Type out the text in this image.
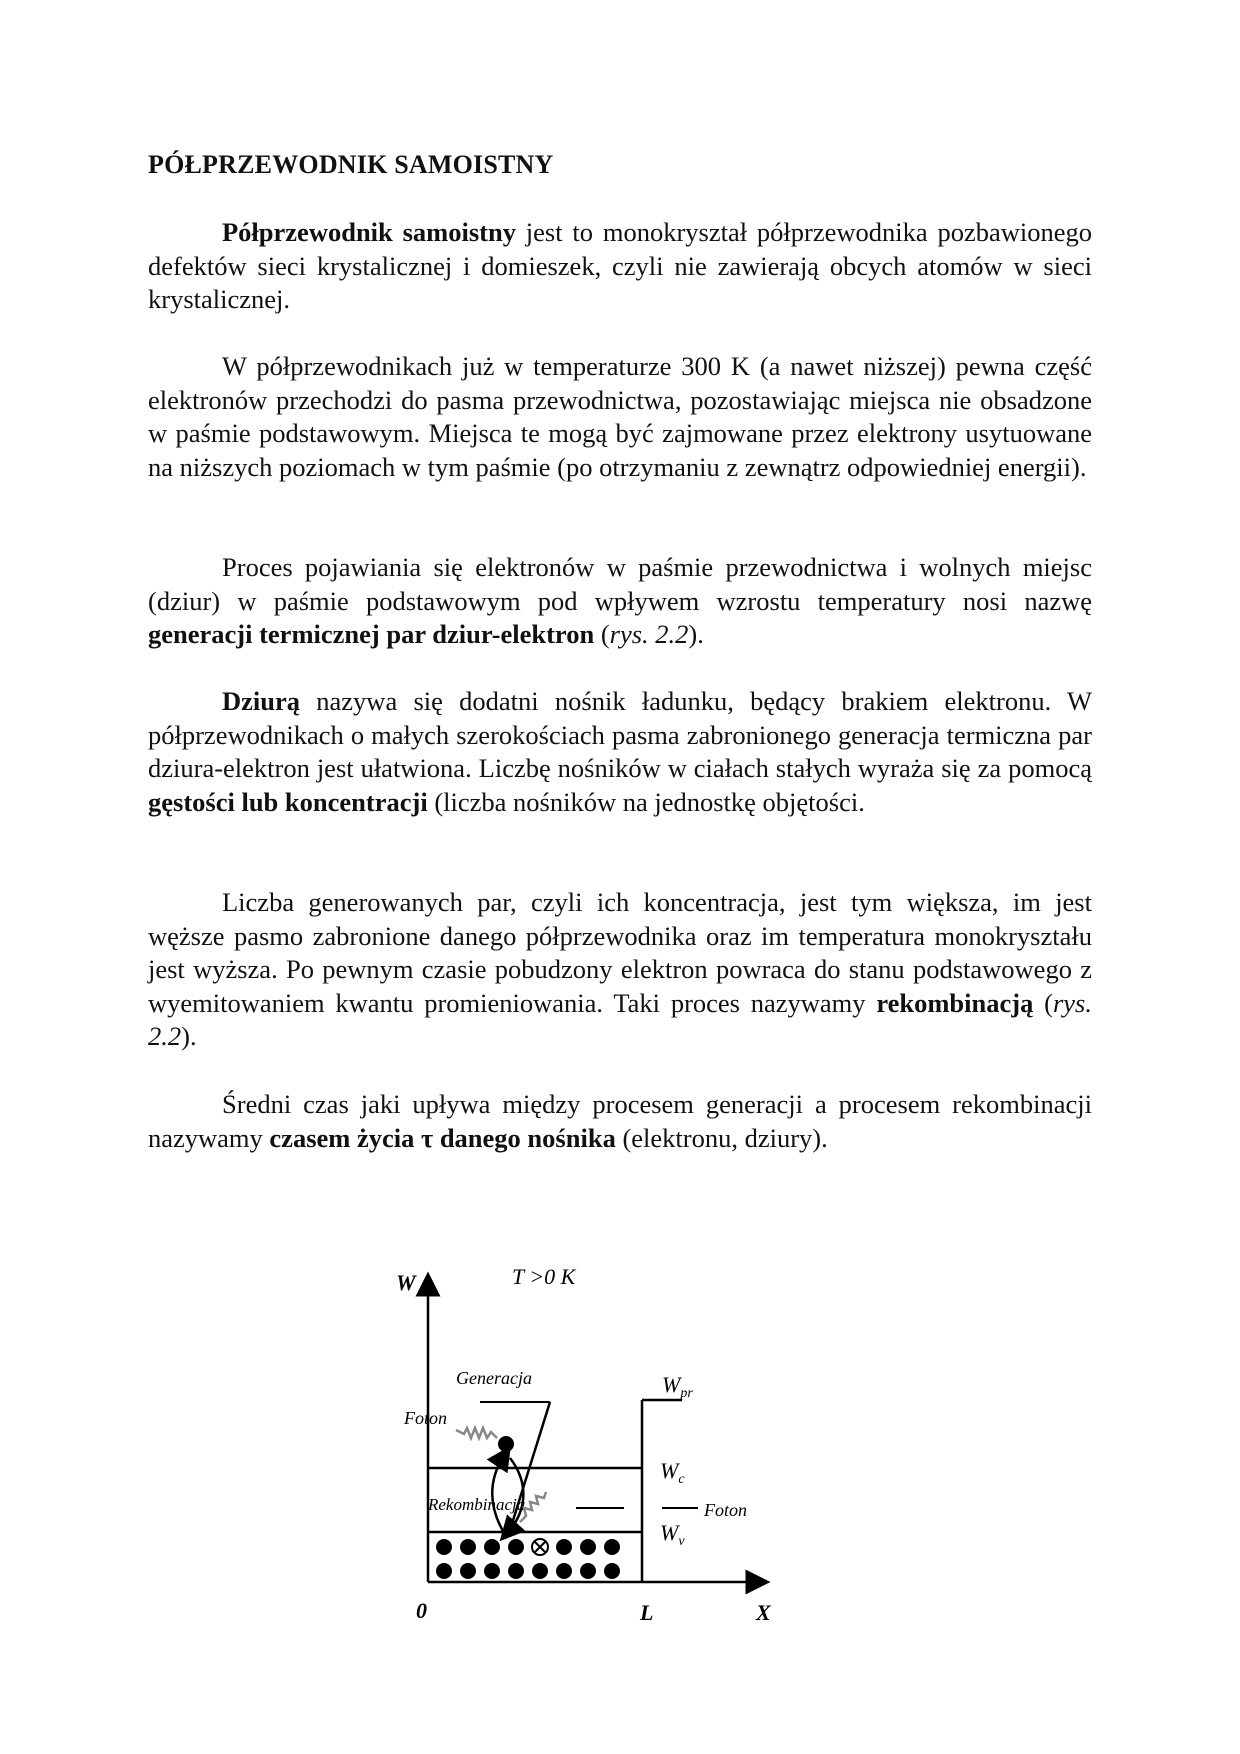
PÓŁPRZEWODNIK SAMOISTNY

Półprzewodnik samoistny jest to monokryształ półprzewodnika pozbawionego defektów sieci krystalicznej i domieszek, czyli nie zawierają obcych atomów w sieci krystalicznej.

W półprzewodnikach już w temperaturze 300 K (a nawet niższej) pewna część elektronów przechodzi do pasma przewodnictwa, pozostawiając miejsca nie obsadzone w paśmie podstawowym. Miejsca te mogą być zajmowane przez elektrony usytuowane na niższych poziomach w tym paśmie (po otrzymaniu z zewnątrz odpowiedniej energii).

Proces pojawiania się elektronów w paśmie przewodnictwa i wolnych miejsc (dziur) w paśmie podstawowym pod wpływem wzrostu temperatury nosi nazwę generacji termicznej par dziur-elektron (rys. 2.2).

Dziurą nazywa się dodatni nośnik ładunku, będący brakiem elektronu. W półprzewodnikach o małych szerokościach pasma zabronionego generacja termiczna par dziura-elektron jest ułatwiona. Liczbę nośników w ciałach stałych wyraża się za pomocą gęstości lub koncentracji (liczba nośników na jednostkę objętości.

Liczba generowanych par, czyli ich koncentracja, jest tym większa, im jest węższe pasmo zabronione danego półprzewodnika oraz im temperatura monokryształu jest wyższa. Po pewnym czasie pobudzony elektron powraca do stanu podstawowego z wyemitowaniem kwantu promieniowania. Taki proces nazywamy rekombinacją (rys. 2.2).

Średni czas jaki upływa między procesem generacji a procesem rekombinacji nazywamy czasem życia τ danego nośnika (elektronu, dziury).

W
X
0	L
T >0 K
$W_{pr}$
$W_c$
$W_v$
Foton
Generacja
Foton
Rekombinacja
